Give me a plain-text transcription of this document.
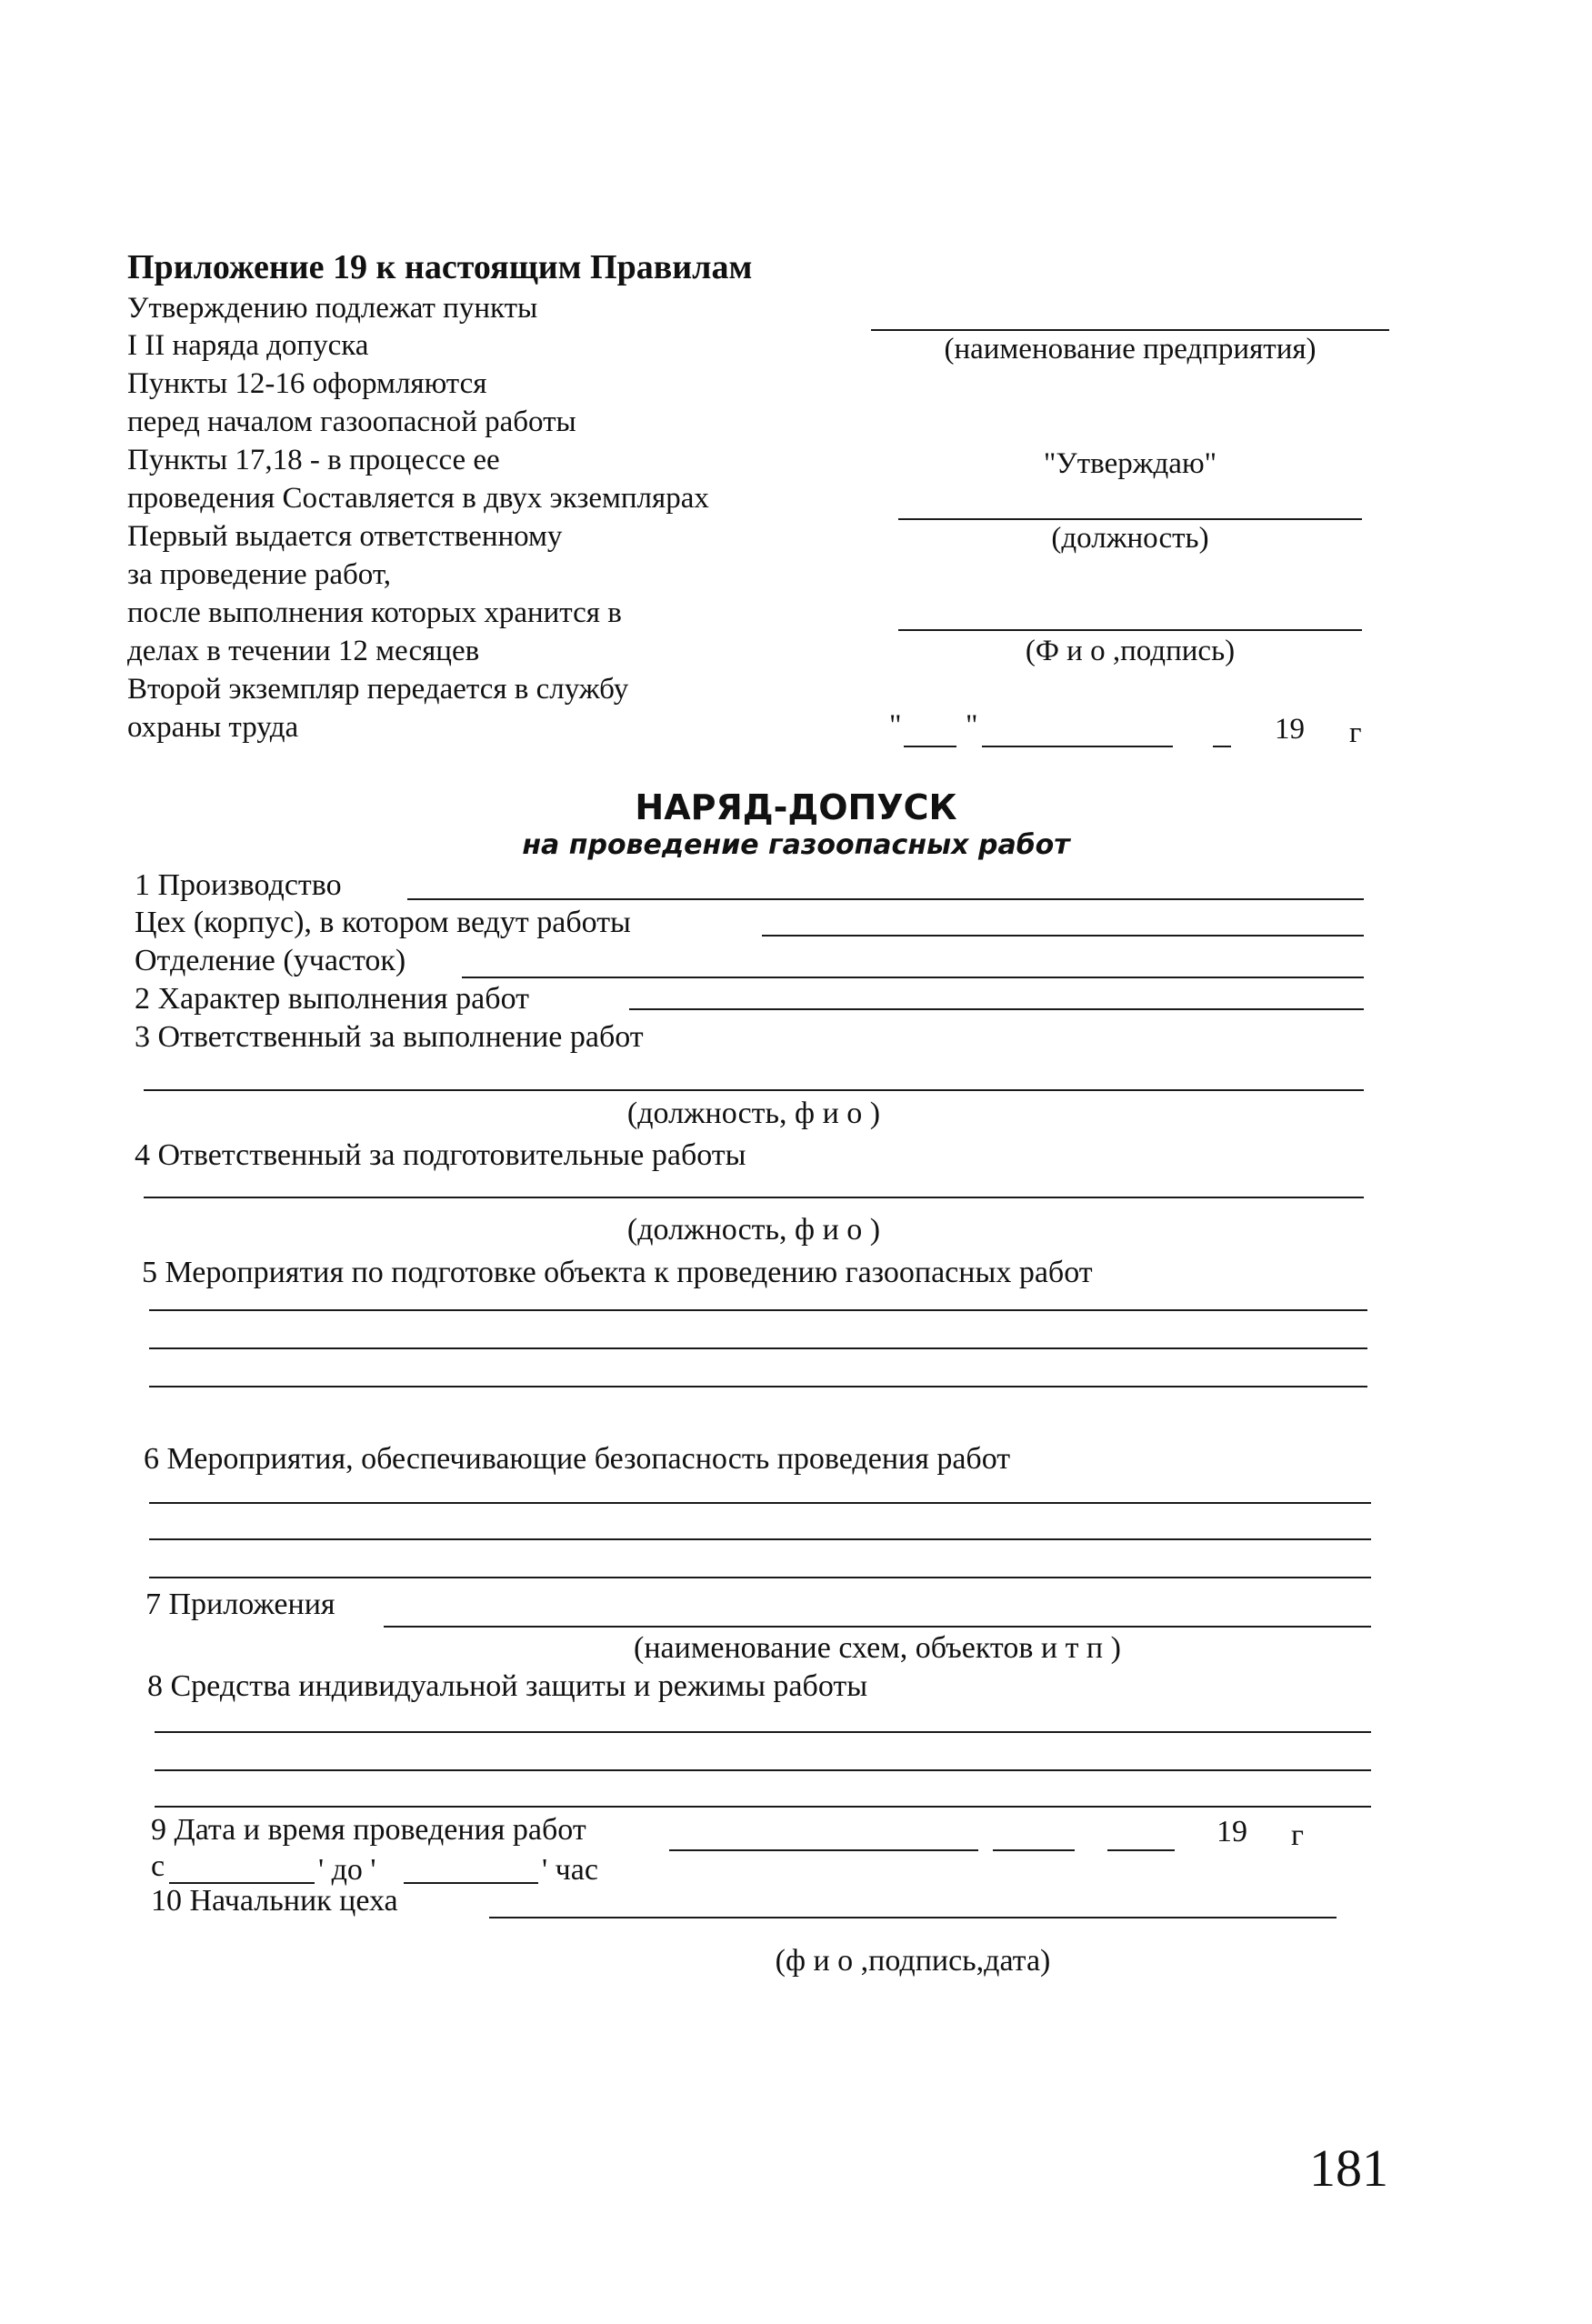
Приложение 19 к настоящим Правилам
Утверждению подлежат пункты
I II наряда допуска
Пункты 12-16 оформляются
перед началом газоопасной работы
Пункты 17,18 - в процессе ее
проведения Составляется в двух экземплярах
Первый выдается ответственному
за проведение работ,
после выполнения которых хранится в
делах в течении 12 месяцев
Второй экземпляр передается в службу
охраны труда
(наименование предприятия)
"Утверждаю"
(должность)
(Ф и о ,подпись)
" "	19 г
НАРЯД-ДОПУСК
на проведение газоопасных работ
1 Производство
Цех (корпус), в котором ведут работы
Отделение (участок)
2 Характер выполнения работ
3 Ответственный за выполнение работ
(должность, ф и о )
4 Ответственный за подготовительные работы
(должность, ф и о )
5 Мероприятия по подготовке объекта к проведению газоопасных работ
6 Мероприятия, обеспечивающие безопасность проведения работ
7 Приложения
(наименование схем, объектов и т п )
8 Средства индивидуальной защиты и режимы работы
9 Дата и время проведения работ	19 г
с	' до '	' час
10 Начальник цеха
(ф и о ,подпись,дата)
181
